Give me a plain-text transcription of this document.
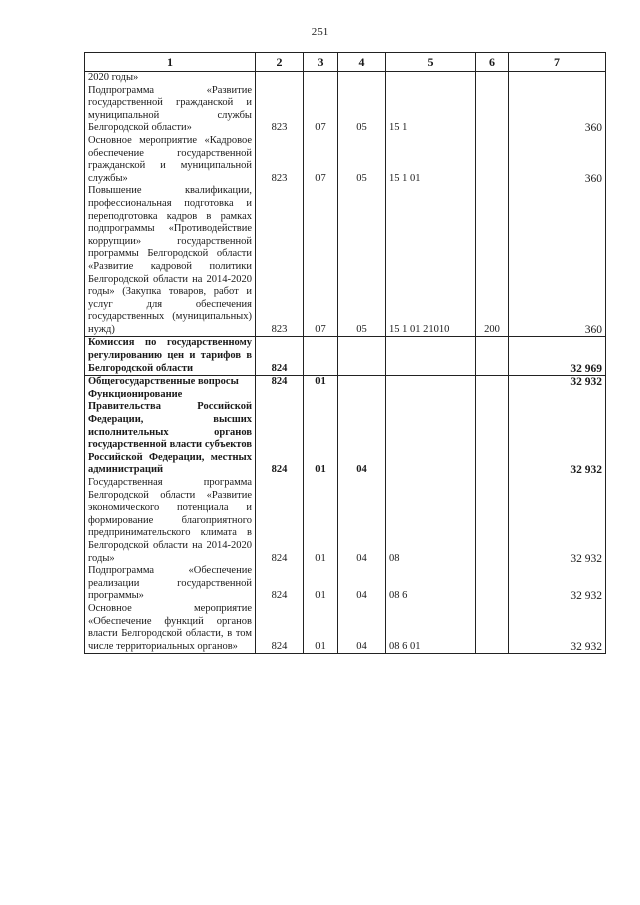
251
1	2	3	4	5	6	7
2020 годы»						
Подпрограмма «Развитие государственной гражданской и муниципальной службы Белгородской области»	823	07	05	15 1		360
Основное мероприятие «Кадровое обеспечение государственной гражданской и муниципальной службы»	823	07	05	15 1 01		360
Повышение квалификации, профессиональная подготовка и переподготовка кадров в рамках подпрограммы «Противодействие коррупции» государственной программы Белгородской области «Развитие кадровой политики Белгородской области на 2014-2020 годы» (Закупка товаров, работ и услуг для обеспечения государственных (муниципальных) нужд)	823	07	05	15 1 01 21010	200	360
Комиссия по государственному регулированию цен и тарифов в Белгородской области	824					32 969
Общегосударственные вопросы	824	01				32 932
Функционирование Правительства Российской Федерации, высших исполнительных органов государственной власти субъектов Российской Федерации, местных администраций	824	01	04			32 932
Государственная программа Белгородской области «Развитие экономического потенциала и формирование благоприятного предпринимательского климата в Белгородской области на 2014-2020 годы»	824	01	04	08		32 932
Подпрограмма «Обеспечение реализации государственной программы»	824	01	04	08 6		32 932
Основное мероприятие «Обеспечение функций органов власти Белгородской области, в том числе территориальных органов»	824	01	04	08 6 01		32 932
